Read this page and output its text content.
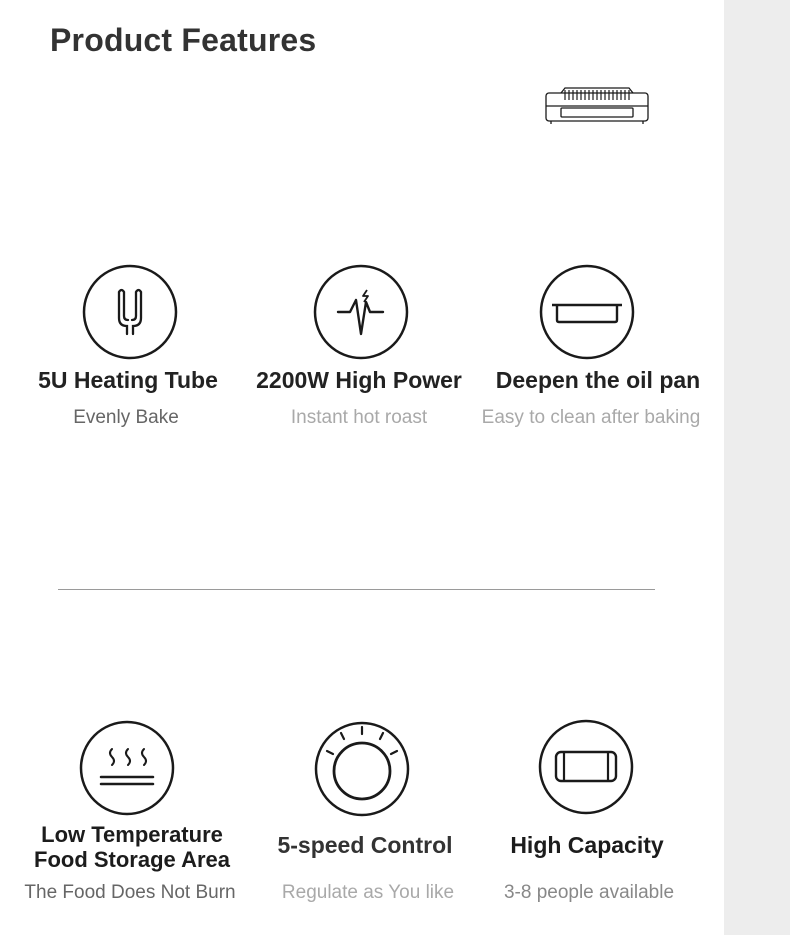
Product Features
5U Heating Tube
Evenly Bake
2200W High Power
Instant hot roast
Deepen the oil pan
Easy to clean after baking
Low Temperature
Food Storage Area
The Food Does Not Burn
5-speed Control
Regulate as You like
High Capacity
3-8 people available
